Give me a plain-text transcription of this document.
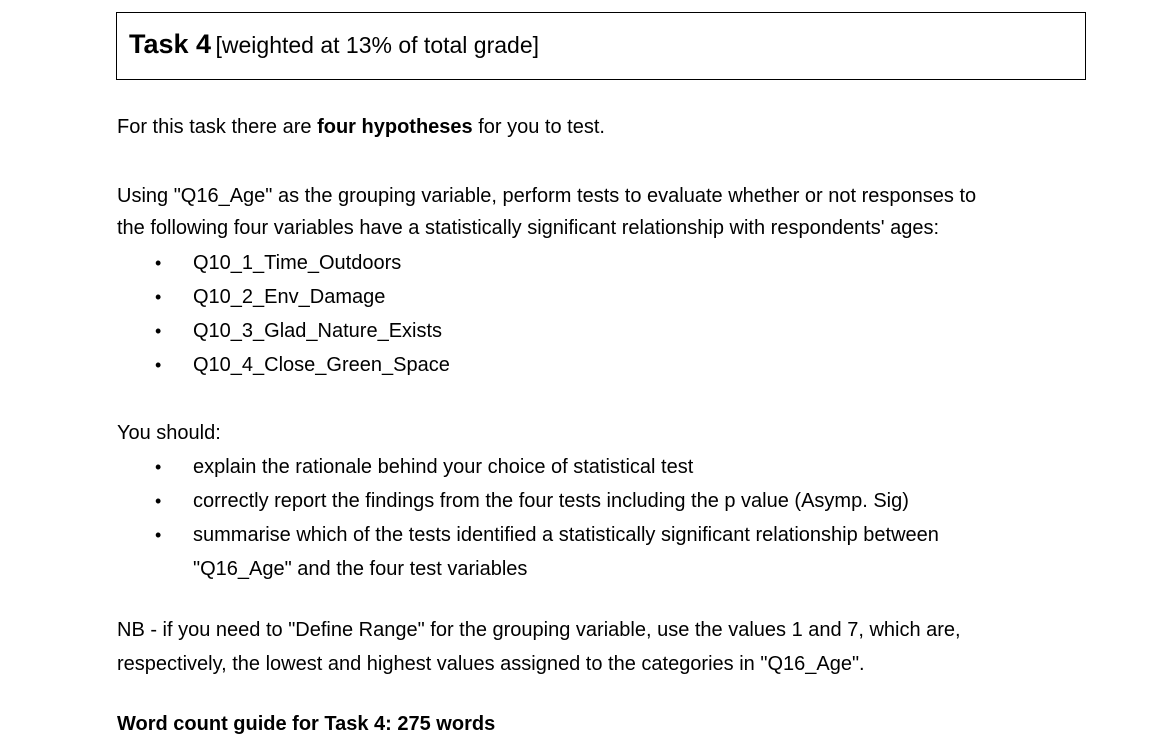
Task 4 [weighted at 13% of total grade]
For this task there are four hypotheses for you to test.
Using "Q16_Age" as the grouping variable, perform tests to evaluate whether or not responses to
the following four variables have a statistically significant relationship with respondents' ages:
• Q10_1_Time_Outdoors
• Q10_2_Env_Damage
• Q10_3_Glad_Nature_Exists
• Q10_4_Close_Green_Space
You should:
• explain the rationale behind your choice of statistical test
• correctly report the findings from the four tests including the p value (Asymp. Sig)
• summarise which of the tests identified a statistically significant relationship between
"Q16_Age" and the four test variables
NB - if you need to "Define Range" for the grouping variable, use the values 1 and 7, which are,
respectively, the lowest and highest values assigned to the categories in "Q16_Age".
Word count guide for Task 4: 275 words
